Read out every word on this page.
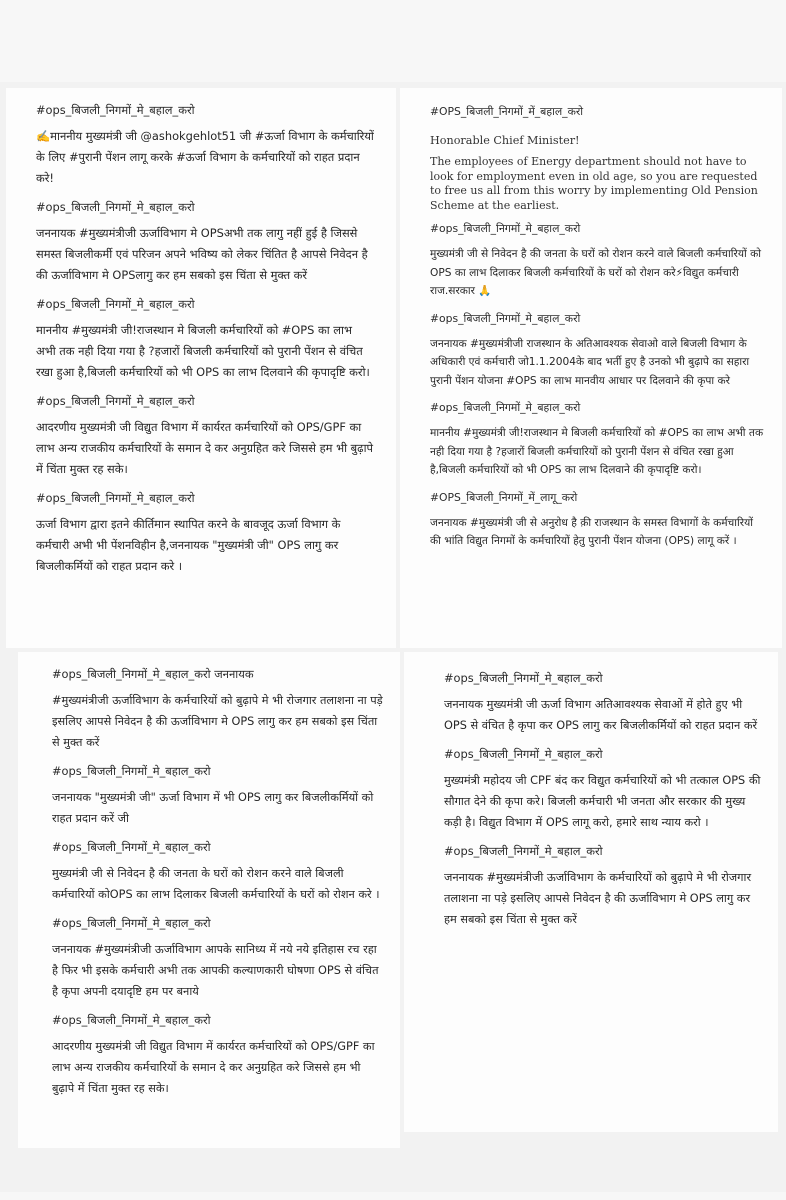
#ops_बिजली_निगमों_मे_बहाल_करो

✍️माननीय मुख्यमंत्री जी @ashokgehlot51 जी #ऊर्जा विभाग के कर्मचारियों के लिए #पुरानी पेंशन लागू करके #ऊर्जा विभाग के कर्मचारियों को राहत प्रदान करे!

#ops_बिजली_निगमों_मे_बहाल_करो

जननायक #मुख्यमंत्रीजी ऊर्जाविभाग मे OPSअभी तक लागु नहीं हुई है जिससे समस्त बिजलीकर्मी एवं परिजन अपने भविष्य को लेकर चिंतित है आपसे निवेदन है की ऊर्जाविभाग मे OPSलागु कर हम सबको इस चिंता से मुक्त करें

#ops_बिजली_निगमों_मे_बहाल_करो

माननीय #मुख्यमंत्री जी!राजस्थान मे बिजली कर्मचारियों को #OPS का लाभ अभी तक नही दिया गया है ?हजारों बिजली कर्मचारियों को पुरानी पेंशन से वंचित रखा हुआ है,बिजली कर्मचारियों को भी OPS का लाभ दिलवाने की कृपादृष्टि करो।

#ops_बिजली_निगमों_मे_बहाल_करो

आदरणीय मुख्यमंत्री जी विद्युत विभाग में कार्यरत कर्मचारियों को OPS/GPF का लाभ अन्य राजकीय कर्मचारियों के समान दे कर अनुग्रहित करे जिससे हम भी बुढ़ापे में चिंता मुक्त रह सके।

#ops_बिजली_निगमों_मे_बहाल_करो

ऊर्जा विभाग द्वारा इतने कीर्तिमान स्थापित करने के बावजूद ऊर्जा विभाग के कर्मचारी अभी भी पेंशनविहीन है,जननायक "मुख्यमंत्री जी" OPS लागु कर बिजलीकर्मियों को राहत प्रदान करे ।

#OPS_बिजली_निगमों_में_बहाल_करो

Honorable Chief Minister!

The employees of Energy department should not have to look for employment even in old age, so you are requested to free us all from this worry by implementing Old Pension Scheme at the earliest.

#ops_बिजली_निगमों_मे_बहाल_करो

मुख्यमंत्री जी से निवेदन है की जनता के घरों को रोशन करने वाले बिजली कर्मचारियों को OPS का लाभ दिलाकर बिजली कर्मचारियों के घरों को रोशन करे⚡विद्युत कर्मचारी राज.सरकार 🙏

#ops_बिजली_निगमों_मे_बहाल_करो

जननायक #मुख्यमंत्रीजी राजस्थान के अतिआवश्यक सेवाओ वाले बिजली विभाग के अधिकारी एवं कर्मचारी जो1.1.2004के बाद भर्ती हुए है उनको भी बुढ़ापे का सहारा पुरानी पेंशन योजना #OPS का लाभ मानवीय आधार पर दिलवाने की कृपा करे

#ops_बिजली_निगमों_मे_बहाल_करो

माननीय #मुख्यमंत्री जी!राजस्थान मे बिजली कर्मचारियों को #OPS का लाभ अभी तक नही दिया गया है ?हजारों बिजली कर्मचारियों को पुरानी पेंशन से वंचित रखा हुआ है,बिजली कर्मचारियों को भी OPS का लाभ दिलवाने की कृपादृष्टि करो।

#OPS_बिजली_निगमों_में_लागू_करो

जननायक #मुख्यमंत्री जी से अनुरोध है क़ी राजस्थान के समस्त विभागों के कर्मचारियों की भांति विद्युत निगमों के कर्मचारियों हेतु पुरानी पेंशन योजना (OPS) लागू करें ।

#ops_बिजली_निगमों_मे_बहाल_करो जननायक

#मुख्यमंत्रीजी ऊर्जाविभाग के कर्मचारियों को बुढ़ापे मे भी रोजगार तलाशना ना पड़े इसलिए आपसे निवेदन है की ऊर्जाविभाग मे OPS लागु कर हम सबको इस चिंता से मुक्त करें

#ops_बिजली_निगमों_मे_बहाल_करो

जननायक "मुख्यमंत्री जी" ऊर्जा विभाग में भी OPS लागु कर बिजलीकर्मियों को राहत प्रदान करें जी

#ops_बिजली_निगमों_मे_बहाल_करो

मुख्यमंत्री जी से निवेदन है की जनता के घरों को रोशन करने वाले बिजली कर्मचारियों कोOPS का लाभ दिलाकर बिजली कर्मचारियों के घरों को रोशन करे ।

#ops_बिजली_निगमों_मे_बहाल_करो

जननायक #मुख्यमंत्रीजी ऊर्जाविभाग आपके सानिध्य में नये नये इतिहास रच रहा है फिर भी इसके कर्मचारी अभी तक आपकी कल्याणकारी घोषणा OPS से वंचित है कृपा अपनी दयादृष्टि हम पर बनाये

#ops_बिजली_निगमों_मे_बहाल_करो

आदरणीय मुख्यमंत्री जी विद्युत विभाग में कार्यरत कर्मचारियों को OPS/GPF का लाभ अन्य राजकीय कर्मचारियों के समान दे कर अनुग्रहित करे जिससे हम भी बुढ़ापे में चिंता मुक्त रह सके।

#ops_बिजली_निगमों_मे_बहाल_करो

जननायक मुख्यमंत्री जी ऊर्जा विभाग अतिआवश्यक सेवाओं में होते हुए भी OPS से वंचित है कृपा कर OPS लागु कर बिजलीकर्मियों को राहत प्रदान करें

#ops_बिजली_निगमों_मे_बहाल_करो

मुख्यमंत्री महोदय जी CPF बंद कर विद्युत कर्मचारियों को भी तत्काल OPS की सौगात देने की कृपा करे। बिजली कर्मचारी भी जनता और सरकार की मुख्य कड़ी है। विद्युत विभाग में OPS लागू करो, हमारे साथ न्याय करो ।

#ops_बिजली_निगमों_मे_बहाल_करो

जननायक #मुख्यमंत्रीजी ऊर्जाविभाग के कर्मचारियों को बुढ़ापे मे भी रोजगार तलाशना ना पड़े इसलिए आपसे निवेदन है की ऊर्जाविभाग मे OPS लागु कर हम सबको इस चिंता से मुक्त करें
